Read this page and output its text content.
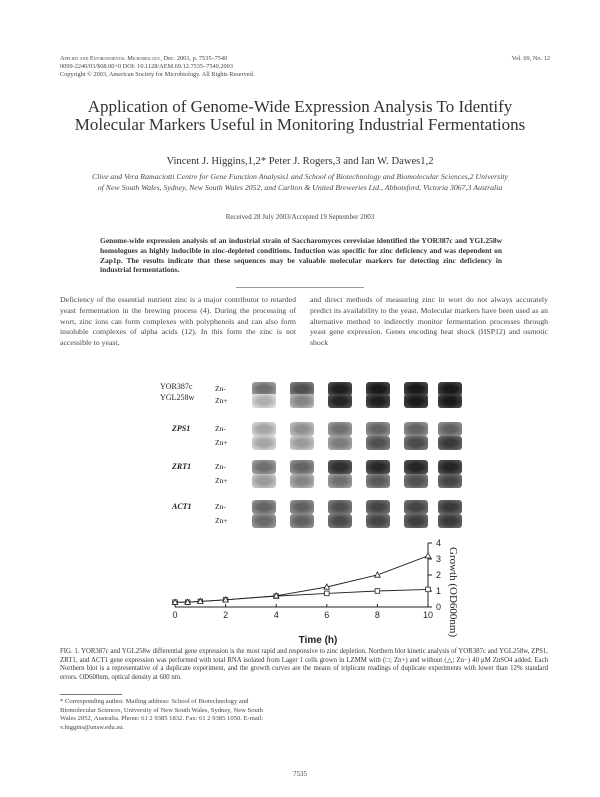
Applied and Environmental Microbiology, Dec. 2003, p. 7535–7540
0099-2240/03/$08.00+0 DOI: 10.1128/AEM.69.12.7535–7540.2003
Copyright © 2003, American Society for Microbiology. All Rights Reserved.
Vol. 69, No. 12
Application of Genome-Wide Expression Analysis To Identify Molecular Markers Useful in Monitoring Industrial Fermentations
Vincent J. Higgins,1,2* Peter J. Rogers,3 and Ian W. Dawes1,2
Clive and Vera Ramaciotti Centre for Gene Function Analysis1 and School of Biotechnology and Biomolecular Sciences,2 University of New South Wales, Sydney, New South Wales 2052, and Carlton & United Breweries Ltd., Abbotsford, Victoria 3067,3 Australia
Received 28 July 2003/Accepted 19 September 2003
Genome-wide expression analysis of an industrial strain of Saccharomyces cerevisiae identified the YOR387c and YGL258w homologues as highly inducible in zinc-depleted conditions. Induction was specific for zinc deficiency and was dependent on Zap1p. The results indicate that these sequences may be valuable molecular markers for detecting zinc deficiency in industrial fermentations.
Deficiency of the essential nutrient zinc is a major contributor to retarded yeast fermentation in the brewing process (4). During the processing of wort, zinc ions can form complexes with polyphenols and can also form insoluble complexes of alpha acids (12). In this form the zinc is not accessible to yeast,
and direct methods of measuring zinc in wort do not always accurately predict its availability to the yeast. Molecular markers have been used as an alternative method to indirectly monitor fermentation processes through yeast gene expression. Genes encoding heat shock (HSP12) and osmotic shock
YOR387c
YGL258w
ZPS1
ZRT1
ACT1
Zn-
Zn+
Zn-
Zn+
Zn-
Zn+
Zn-
Zn+
0	2	4	6	8	10
0
1
2
3
4
Time (h)
Growth (OD600nm)
FIG. 1. YOR387c and YGL258w differential gene expression is the most rapid and responsive to zinc depletion. Northern blot kinetic analysis of YOR387c and YGL258w, ZPS1, ZRT1, and ACT1 gene expression was performed with total RNA isolated from Lager 1 cells grown in LZMM with (□; Zn+) and without (△; Zn−) 40 μM ZnSO4 added. Each Northern blot is a representative of a duplicate experiment, and the growth curves are the means of triplicate readings of duplicate experiments with lower than 12% standard errors. OD600nm, optical density at 600 nm.
* Corresponding author. Mailing address: School of Biotechnology and Biomolecular Sciences, University of New South Wales, Sydney, New South Wales 2052, Australia. Phone: 61 2 9385 1832. Fax: 61 2 9385 1050. E-mail: v.higgins@unsw.edu.au.
7535
